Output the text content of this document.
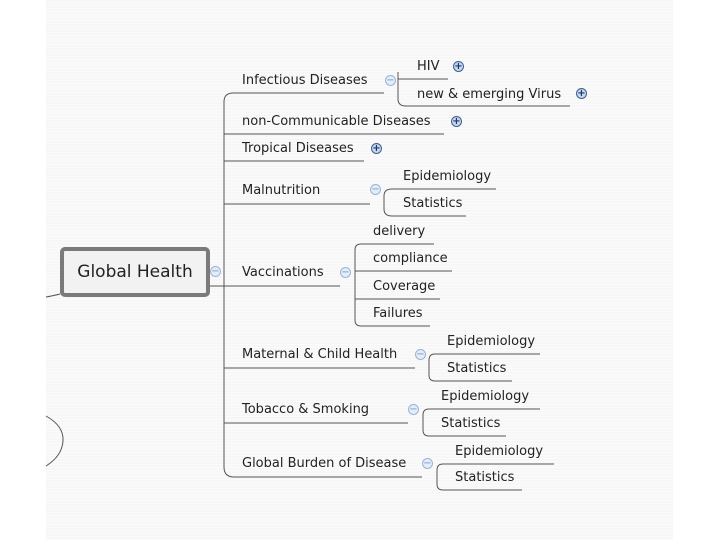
Global Health	−
Infectious Diseases −
HIV +
new & emerging Virus +
non-Communicable Diseases +
Tropical Diseases +
Malnutrition	−
Epidemiology
Statistics
Vaccinations −
delivery
compliance
Coverage
Failures
Maternal & Child Health −
Epidemiology
Statistics
Tobacco & Smoking	−
Epidemiology
Statistics
Global Burden of Disease −
Epidemiology
Statistics
